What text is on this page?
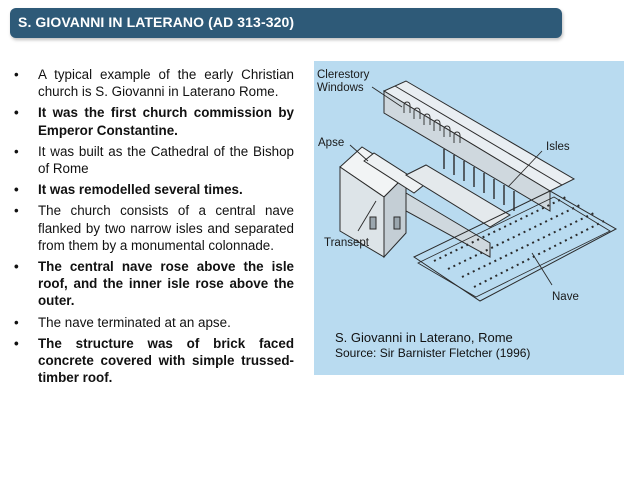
S. GIOVANNI IN LATERANO (AD 313-320)
• A typical example of the early Christian church is S. Giovanni in Laterano Rome.
• It was the first church commission by Emperor Constantine.
• It was built as the Cathedral of the Bishop of Rome
• It was remodelled several times.
• The church consists of a central nave flanked by two narrow isles and separated from them by a monumental colonnade.
• The central nave rose above the isle roof, and the inner isle rose above the outer.
• The nave terminated at an apse.
• The structure was of brick faced concrete covered with simple trussed-timber roof.
Clerestory
Windows
Apse	Isles
Transept
Nave
S. Giovanni in Laterano, Rome
Source: Sir Barnister Fletcher (1996)
